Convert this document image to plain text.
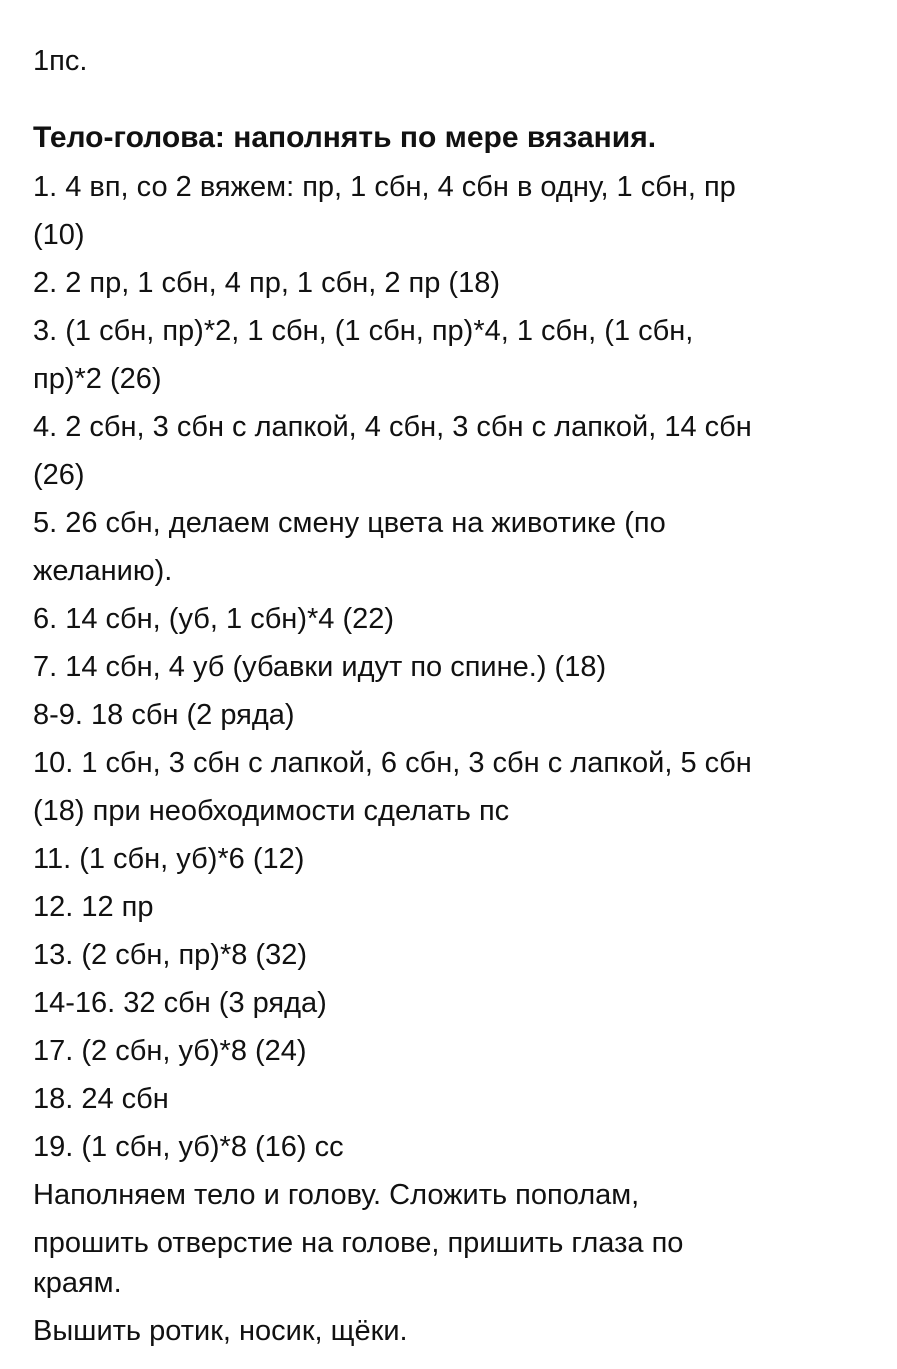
1пс.
Тело-голова: наполнять по мере вязания.
1. 4 вп, со 2 вяжем: пр, 1 сбн, 4 сбн в одну, 1 сбн, пр
(10)
2. 2 пр, 1 сбн, 4 пр, 1 сбн, 2 пр (18)
3. (1 сбн, пр)*2, 1 сбн, (1 сбн, пр)*4, 1 сбн, (1 сбн,
пр)*2 (26)
4. 2 сбн, 3 сбн с лапкой, 4 сбн, 3 сбн с лапкой, 14 сбн
(26)
5. 26 сбн, делаем смену цвета на животике (по
желанию).
6. 14 сбн, (уб, 1 сбн)*4 (22)
7. 14 сбн, 4 уб (убавки идут по спине.) (18)
8-9. 18 сбн (2 ряда)
10. 1 сбн, 3 сбн с лапкой, 6 сбн, 3 сбн с лапкой, 5 сбн
(18) при необходимости сделать пс
11. (1 сбн, уб)*6 (12)
12. 12 пр
13. (2 сбн, пр)*8 (32)
14-16. 32 сбн (3 ряда)
17. (2 сбн, уб)*8 (24)
18. 24 сбн
19. (1 сбн, уб)*8 (16) сс
Наполняем тело и голову. Сложить пополам,
прошить отверстие на голове, пришить глаза по
краям.
Вышить ротик, носик, щёки.
